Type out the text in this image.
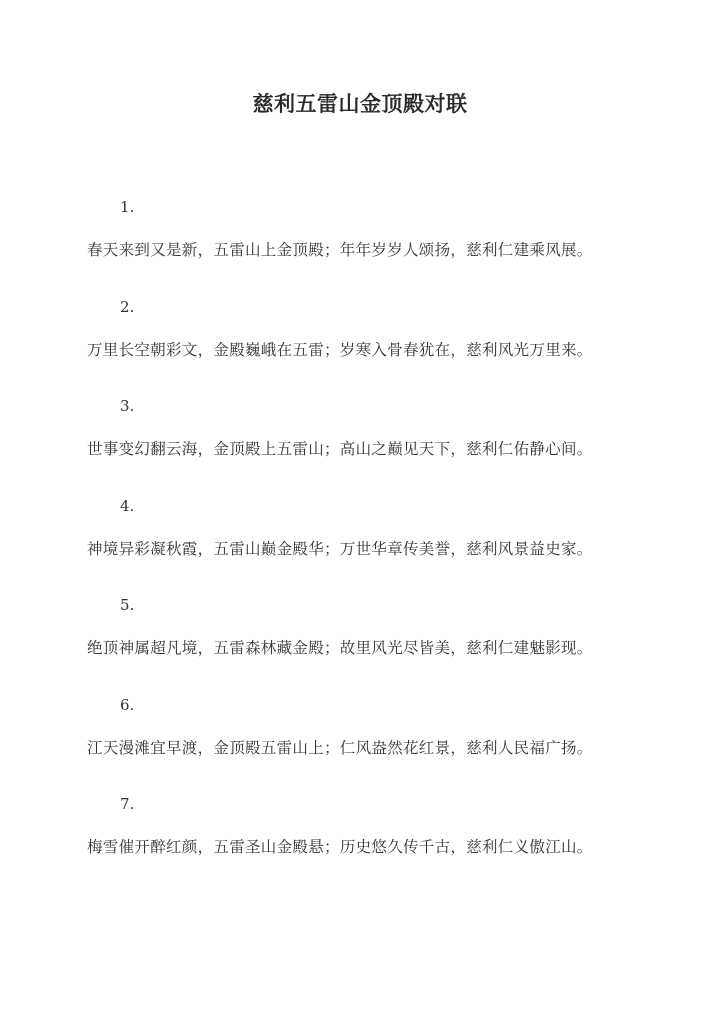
慈利五雷山金顶殿对联
1.
春天来到又是新，五雷山上金顶殿；年年岁岁人颂扬，慈利仁建乘风展。
2.
万里长空朝彩文，金殿巍峨在五雷；岁寒入骨春犹在，慈利风光万里来。
3.
世事变幻翻云海，金顶殿上五雷山；高山之巅见天下，慈利仁佑静心间。
4.
神境异彩凝秋霞，五雷山巅金殿华；万世华章传美誉，慈利风景益史家。
5.
绝顶神属超凡境，五雷森林藏金殿；故里风光尽皆美，慈利仁建魅影现。
6.
江天漫滩宜早渡，金顶殿五雷山上；仁风盎然花红景，慈利人民福广扬。
7.
梅雪催开醉红颜，五雷圣山金殿悬；历史悠久传千古，慈利仁义傲江山。
